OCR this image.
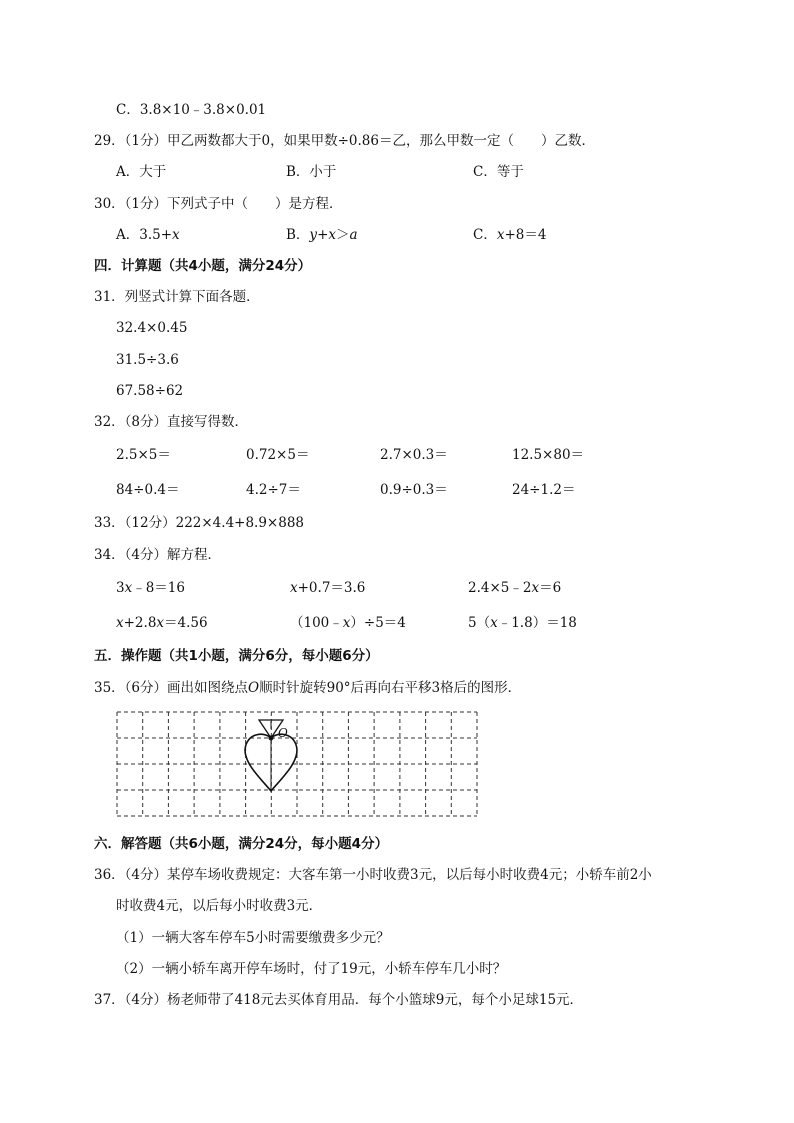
C．3.8×10﹣3.8×0.01
29．（1分）甲乙两数都大于0，如果甲数÷0.86＝乙，那么甲数一定（　　）乙数．
A．大于	B．小于	C．等于
30．（1分）下列式子中（　　）是方程．
A．3.5+x	B．y+x＞a	C．x+8＝4
四．计算题（共4小题，满分24分）
31．列竖式计算下面各题．
32.4×0.45
31.5÷3.6
67.58÷62
32．（8分）直接写得数．
2.5×5＝	0.72×5＝	2.7×0.3＝	12.5×80＝
84÷0.4＝	4.2÷7＝	0.9÷0.3＝	24÷1.2＝
33．（12分）222×4.4+8.9×888
34．（4分）解方程．
3x﹣8＝16	x+0.7＝3.6	2.4×5﹣2x＝6
x+2.8x＝4.56	（100﹣x）÷5＝4	5（x﹣1.8）＝18
五．操作题（共1小题，满分6分，每小题6分）
35．（6分）画出如图绕点O顺时针旋转90°后再向右平移3格后的图形．
O
六．解答题（共6小题，满分24分，每小题4分）
36．（4分）某停车场收费规定：大客车第一小时收费3元，以后每小时收费4元；小轿车前2小
时收费4元，以后每小时收费3元．
（1）一辆大客车停车5小时需要缴费多少元？
（2）一辆小轿车离开停车场时，付了19元，小轿车停车几小时？
37．（4分）杨老师带了418元去买体育用品．每个小篮球9元，每个小足球15元．
